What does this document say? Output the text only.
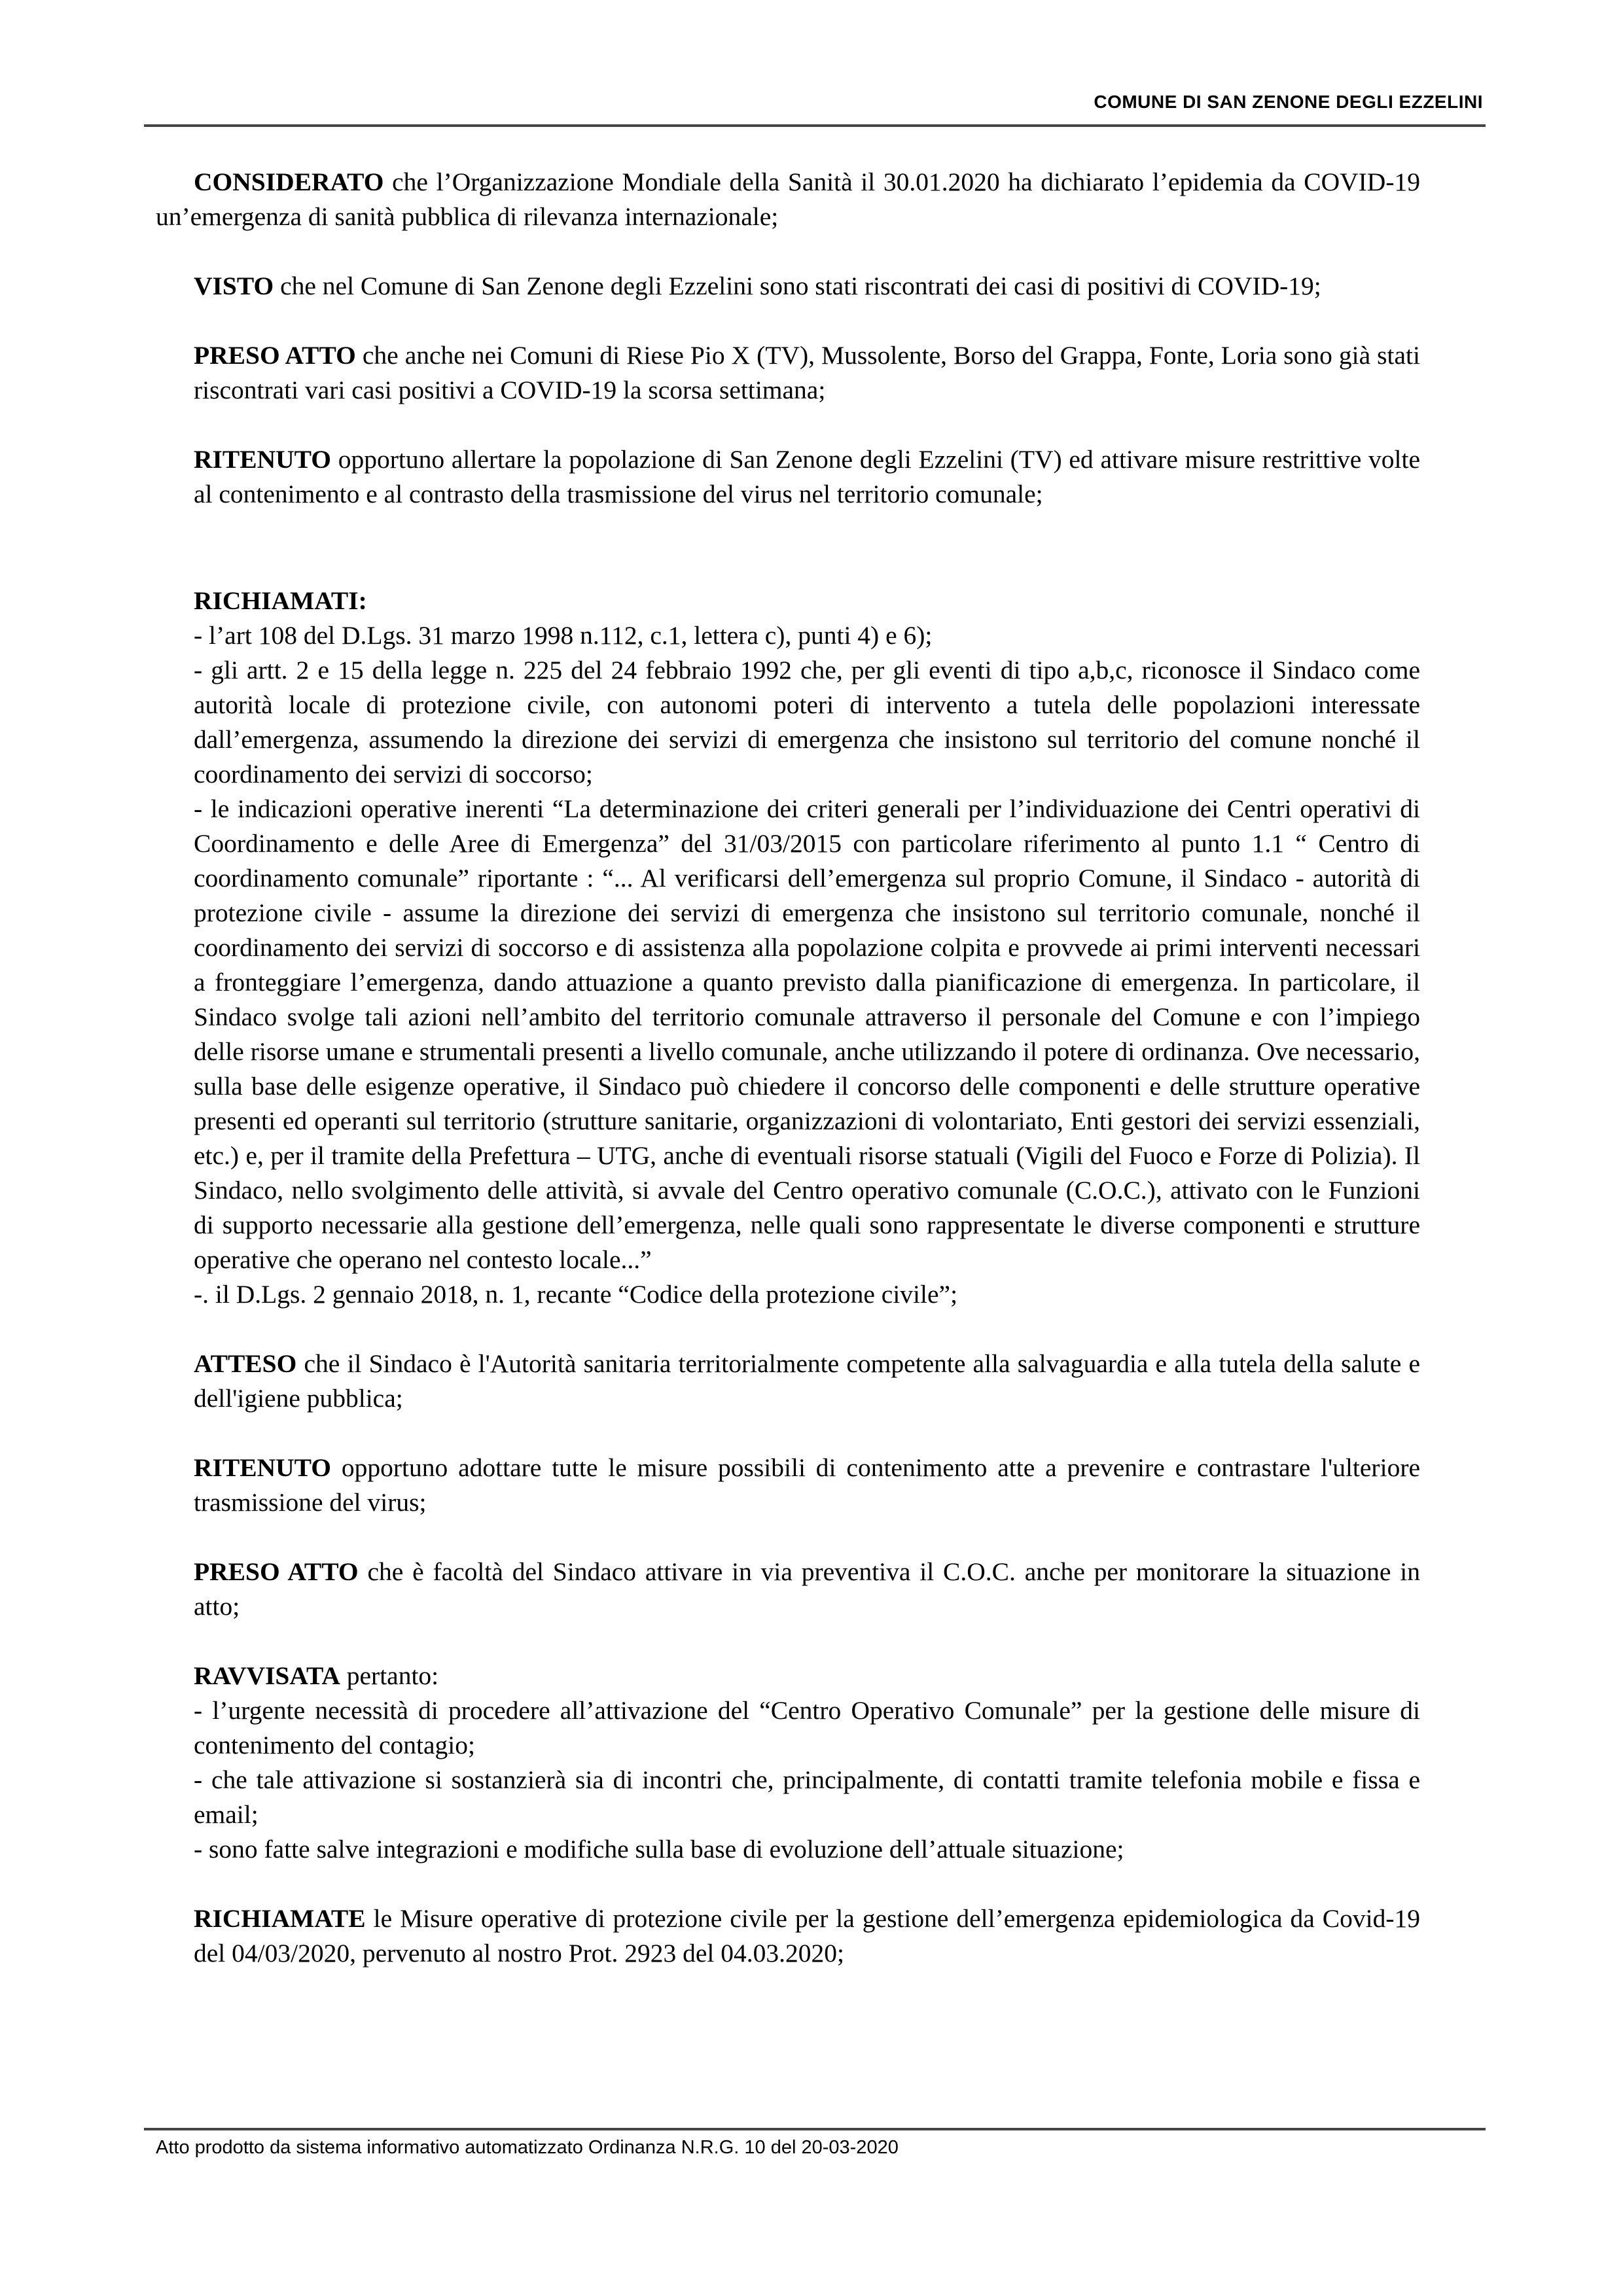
COMUNE DI SAN ZENONE DEGLI EZZELINI

CONSIDERATO che l’Organizzazione Mondiale della Sanità il 30.01.2020 ha dichiarato l’epidemia da COVID-19 un’emergenza di sanità pubblica di rilevanza internazionale;

VISTO che nel Comune di San Zenone degli Ezzelini sono stati riscontrati dei casi di positivi di COVID-19;

PRESO ATTO che anche nei Comuni di Riese Pio X (TV), Mussolente, Borso del Grappa, Fonte, Loria sono già stati riscontrati vari casi positivi a COVID-19 la scorsa settimana;

RITENUTO opportuno allertare la popolazione di San Zenone degli Ezzelini (TV) ed attivare misure restrittive volte al contenimento e al contrasto della trasmissione del virus nel territorio comunale;

RICHIAMATI:

- l’art 108 del D.Lgs. 31 marzo 1998 n.112, c.1, lettera c), punti 4) e 6);

- gli artt. 2 e 15 della legge n. 225 del 24 febbraio 1992 che, per gli eventi di tipo a,b,c, riconosce il Sindaco come autorità locale di protezione civile, con autonomi poteri di intervento a tutela delle popolazioni interessate dall’emergenza, assumendo la direzione dei servizi di emergenza che insistono sul territorio del comune nonché il coordinamento dei servizi di soccorso;

- le indicazioni operative inerenti “La determinazione dei criteri generali per l’individuazione dei Centri operativi di Coordinamento e delle Aree di Emergenza” del 31/03/2015 con particolare riferimento al punto 1.1 “ Centro di coordinamento comunale” riportante : “... Al verificarsi dell’emergenza sul proprio Comune, il Sindaco - autorità di protezione civile - assume la direzione dei servizi di emergenza che insistono sul territorio comunale, nonché il coordinamento dei servizi di soccorso e di assistenza alla popolazione colpita e provvede ai primi interventi necessari a fronteggiare l’emergenza, dando attuazione a quanto previsto dalla pianificazione di emergenza. In particolare, il Sindaco svolge tali azioni nell’ambito del territorio comunale attraverso il personale del Comune e con l’impiego delle risorse umane e strumentali presenti a livello comunale, anche utilizzando il potere di ordinanza. Ove necessario, sulla base delle esigenze operative, il Sindaco può chiedere il concorso delle componenti e delle strutture operative presenti ed operanti sul territorio (strutture sanitarie, organizzazioni di volontariato, Enti gestori dei servizi essenziali, etc.) e, per il tramite della Prefettura – UTG, anche di eventuali risorse statuali (Vigili del Fuoco e Forze di Polizia). Il Sindaco, nello svolgimento delle attività, si avvale del Centro operativo comunale (C.O.C.), attivato con le Funzioni di supporto necessarie alla gestione dell’emergenza, nelle quali sono rappresentate le diverse componenti e strutture operative che operano nel contesto locale...”

-. il D.Lgs. 2 gennaio 2018, n. 1, recante “Codice della protezione civile”;

ATTESO che il Sindaco è l'Autorità sanitaria territorialmente competente alla salvaguardia e alla tutela della salute e dell'igiene pubblica;

RITENUTO opportuno adottare tutte le misure possibili di contenimento atte a prevenire e contrastare l'ulteriore trasmissione del virus;

PRESO ATTO che è facoltà del Sindaco attivare in via preventiva il C.O.C. anche per monitorare la situazione in atto;

RAVVISATA pertanto:

- l’urgente necessità di procedere all’attivazione del “Centro Operativo Comunale” per la gestione delle misure di contenimento del contagio;

- che tale attivazione si sostanzierà sia di incontri che, principalmente, di contatti tramite telefonia mobile e fissa e email;

- sono fatte salve integrazioni e modifiche sulla base di evoluzione dell’attuale situazione;

RICHIAMATE le Misure operative di protezione civile per la gestione dell’emergenza epidemiologica da Covid-19 del 04/03/2020, pervenuto al nostro Prot. 2923 del 04.03.2020;

Atto prodotto da sistema informativo automatizzato Ordinanza N.R.G. 10 del 20-03-2020
